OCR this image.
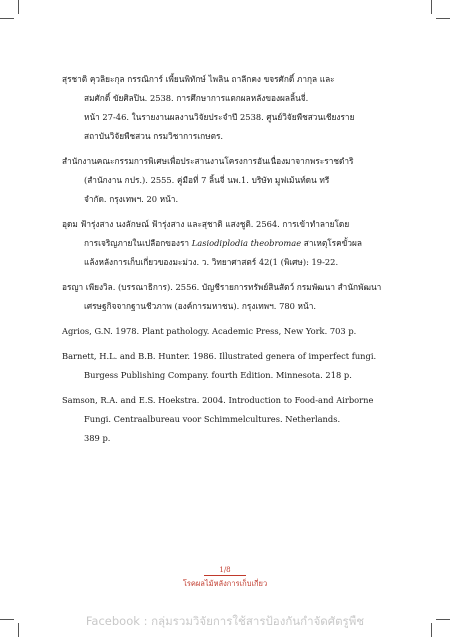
สุรชาติ คุวลิยะกุล กรรณิการ์ เพี้ยนพิทักษ์ ไพลิน ถาลีกคง ขจรศักดิ์ ภากุล และ
สมศักดิ์ ขัยศิลปิน. 2538. การศึกษาการแตกผลหลังของผลลิ้นจี่.
หน้า 27-46. ในรายงานผลงานวิจัยประจำปี 2538. ศูนย์วิจัยพืชสวนเชียงราย
สถาบันวิจัยพืชสวน กรมวิชาการเกษตร.

สำนักงานคณะกรรมการพิเศษเพื่อประสานงานโครงการอันเนื่องมาจากพระราชดำริ
(สำนักงาน กปร.). 2555. คู่มือที่ 7 ลิ้นจี่ นพ.1. บริษัท มูฟเม้นท์ดน ทรี
จำกัด. กรุงเทพฯ. 20 หน้า.

อุดม ฟ้ารุ่งสาง นงลักษณ์ ฟ้ารุ่งสาง และสุชาติ แสงชูติ. 2564. การเข้าทำลายโดย
การเจริญภายในเปลือกของรา Lasiodiplodia theobromae สาเหตุโรคขั้วผล
แล้งหลังการเก็บเกี่ยวของมะม่วง. ว. วิทยาศาสตร์ 42(1 (พิเศษ): 19-22.

อรญา เพียงวิล. (บรรณาธิการ). 2556. บัญชีรายการทรัพย์สินสัตว์ กรมพัฒนา สำนักพัฒนา
เศรษฐกิจจากฐานชีวภาพ (องค์การมหาชน). กรุงเทพฯ. 780 หน้า.

Agrios, G.N. 1978. Plant pathology. Academic Press, New York. 703 p.

Barnett, H.L. and B.B. Hunter. 1986. Illustrated genera of imperfect fungi.
Burgess Publishing Company. fourth Edition. Minnesota. 218 p.

Samson, R.A. and E.S. Hoekstra. 2004. Introduction to Food-and Airborne
Fungi. Centraalbureau voor Schimmelcultures. Netherlands.
389 p.

1/8
โรคผลไม้หลังการเก็บเกี่ยว
Facebook : กลุ่มรวมวิจัยการใช้สารป้องกันกำจัดศัตรูพืช
